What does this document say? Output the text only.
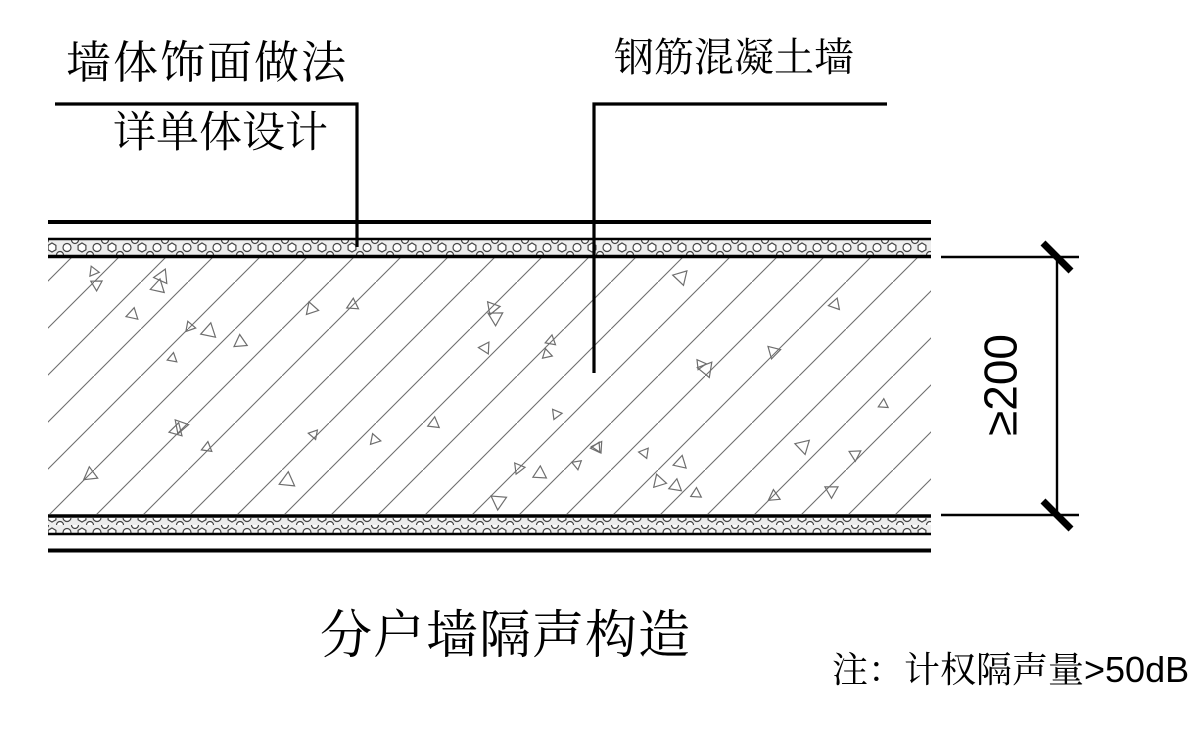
墙体饰面做法
详单体设计
钢筋混凝土墙
≥200
分户墙隔声构造
注：计权隔声量>50dB
